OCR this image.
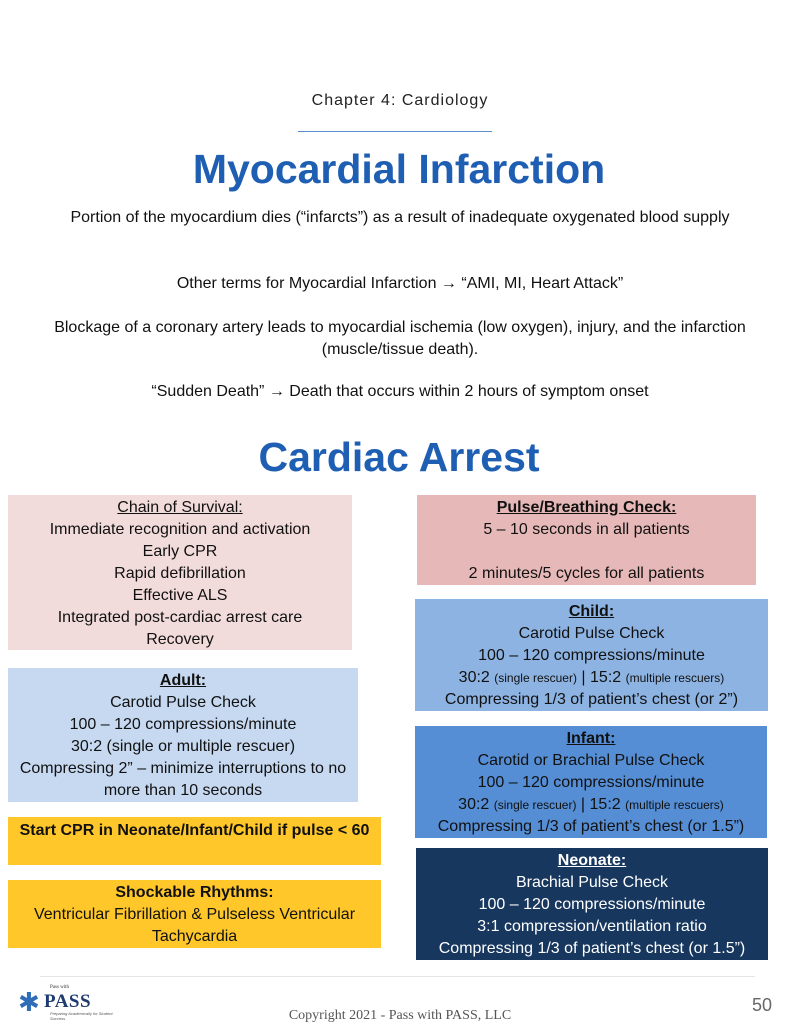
Chapter 4: Cardiology
Myocardial Infarction
Portion of the myocardium dies (“infarcts”) as a result of inadequate oxygenated blood supply
Other terms for Myocardial Infarction → “AMI, MI, Heart Attack”
Blockage of a coronary artery leads to myocardial ischemia (low oxygen), injury, and the infarction (muscle/tissue death).
“Sudden Death” → Death that occurs within 2 hours of symptom onset
Cardiac Arrest
Chain of Survival:
Immediate recognition and activation
Early CPR
Rapid defibrillation
Effective ALS
Integrated post-cardiac arrest care
Recovery
Pulse/Breathing Check:
5 – 10 seconds in all patients
2 minutes/5 cycles for all patients
Child:
Carotid Pulse Check
100 – 120 compressions/minute
30:2 (single rescuer) | 15:2 (multiple rescuers)
Compressing 1/3 of patient’s chest (or 2”)
Adult:
Carotid Pulse Check
100 – 120 compressions/minute
30:2 (single or multiple rescuer)
Compressing 2” – minimize interruptions to no more than 10 seconds
Infant:
Carotid or Brachial Pulse Check
100 – 120 compressions/minute
30:2 (single rescuer) | 15:2 (multiple rescuers)
Compressing 1/3 of patient’s chest (or 1.5”)
Start CPR in Neonate/Infant/Child if pulse < 60
Neonate:
Brachial Pulse Check
100 – 120 compressions/minute
3:1 compression/ventilation ratio
Compressing 1/3 of patient’s chest (or 1.5”)
Shockable Rhythms:
Ventricular Fibrillation & Pulseless Ventricular Tachycardia
✱ Pass with
PASS
Preparing Academically for Student Success	Copyright 2021 - Pass with PASS, LLC
50
